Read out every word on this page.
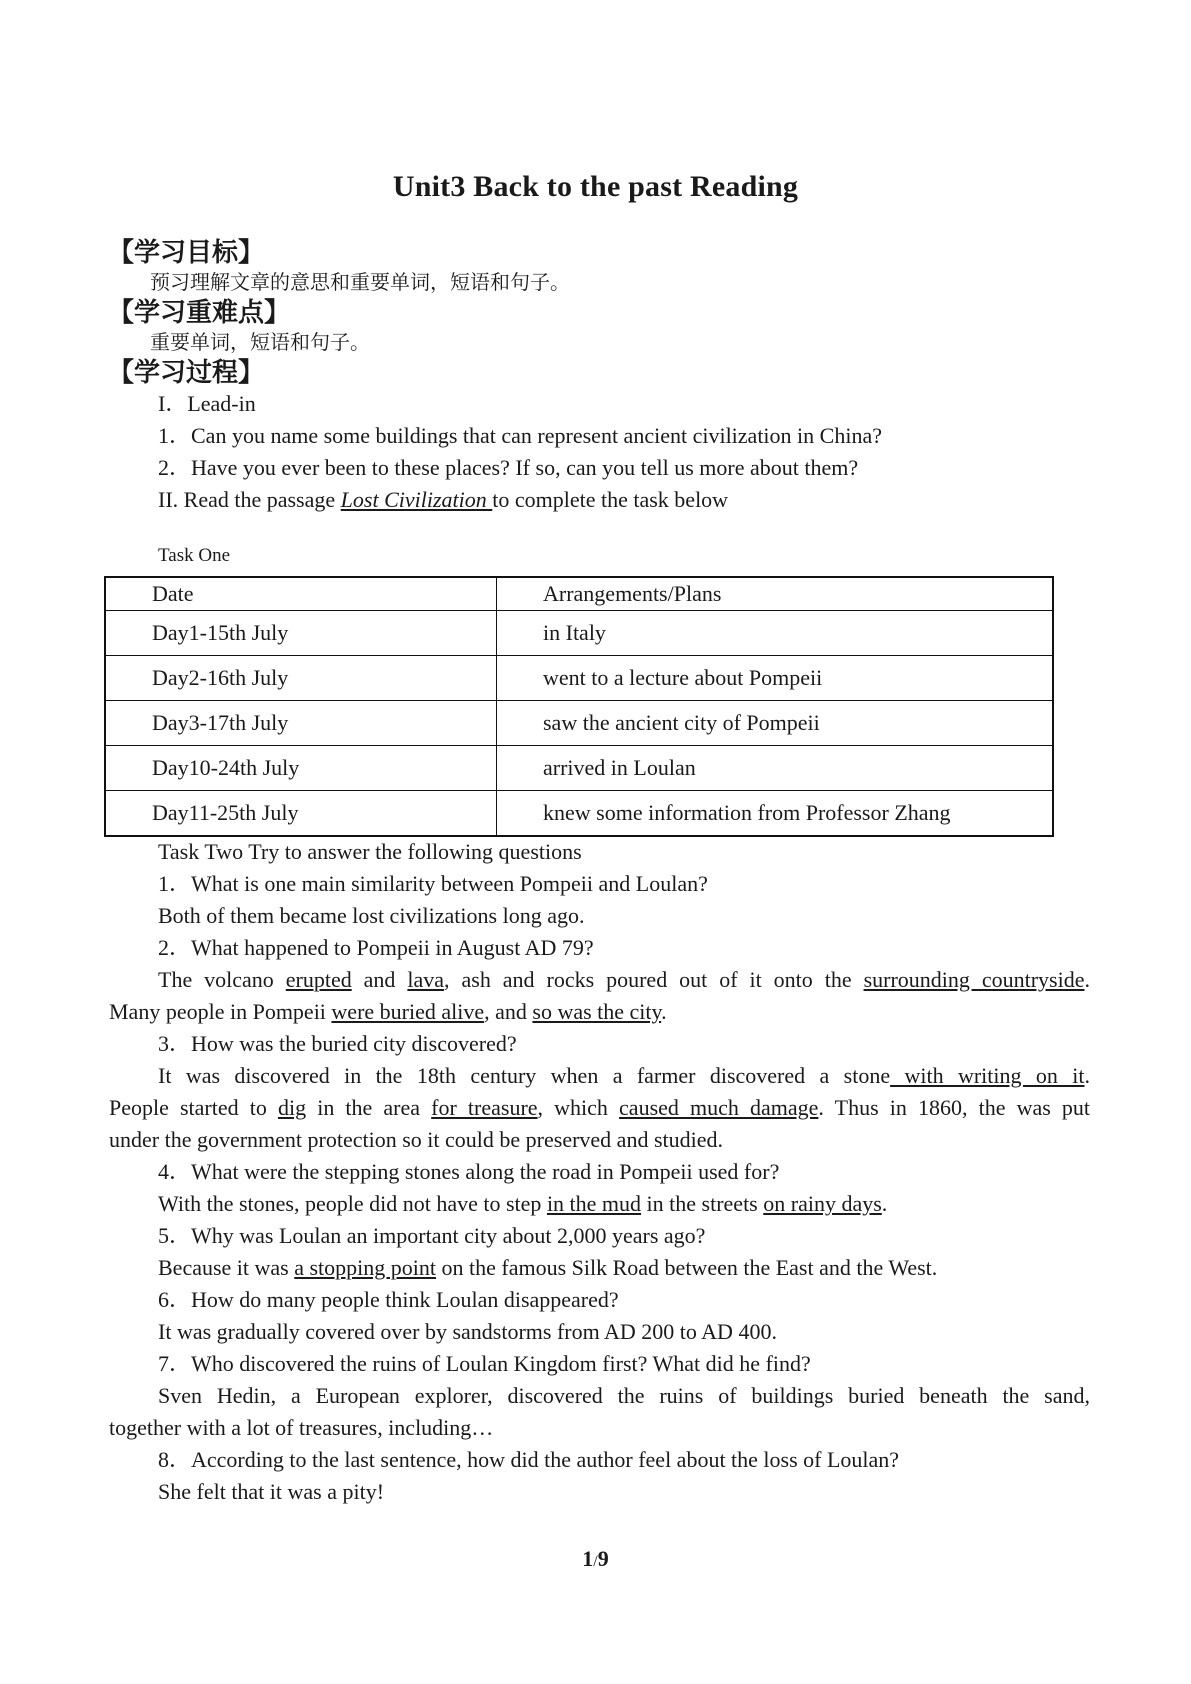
Unit3 Back to the past Reading
【学习目标】
预习理解文章的意思和重要单词，短语和句子。
【学习重难点】
重要单词，短语和句子。
【学习过程】
I．Lead-in
1．Can you name some buildings that can represent ancient civilization in China?
2．Have you ever been to these places? If so, can you tell us more about them?
II. Read the passage Lost Civilization to complete the task below
Task One
Date	Arrangements/Plans
Day1-15th July	in Italy
Day2-16th July	went to a lecture about Pompeii
Day3-17th July	saw the ancient city of Pompeii
Day10-24th July	arrived in Loulan
Day11-25th July	knew some information from Professor Zhang
Task Two Try to answer the following questions
1．What is one main similarity between Pompeii and Loulan?
Both of them became lost civilizations long ago.
2．What happened to Pompeii in August AD 79?
The volcano erupted and lava, ash and rocks poured out of it onto the surrounding countryside.
Many people in Pompeii were buried alive, and so was the city.
3．How was the buried city discovered?
It was discovered in the 18th century when a farmer discovered a stone with writing on it.
People started to dig in the area for treasure, which caused much damage. Thus in 1860, the was put
under the government protection so it could be preserved and studied.
4．What were the stepping stones along the road in Pompeii used for?
With the stones, people did not have to step in the mud in the streets on rainy days.
5．Why was Loulan an important city about 2,000 years ago?
Because it was a stopping point on the famous Silk Road between the East and the West.
6．How do many people think Loulan disappeared?
It was gradually covered over by sandstorms from AD 200 to AD 400.
7．Who discovered the ruins of Loulan Kingdom first? What did he find?
Sven Hedin, a European explorer, discovered the ruins of buildings buried beneath the sand,
together with a lot of treasures, including…
8．According to the last sentence, how did the author feel about the loss of Loulan?
She felt that it was a pity!
1/9
